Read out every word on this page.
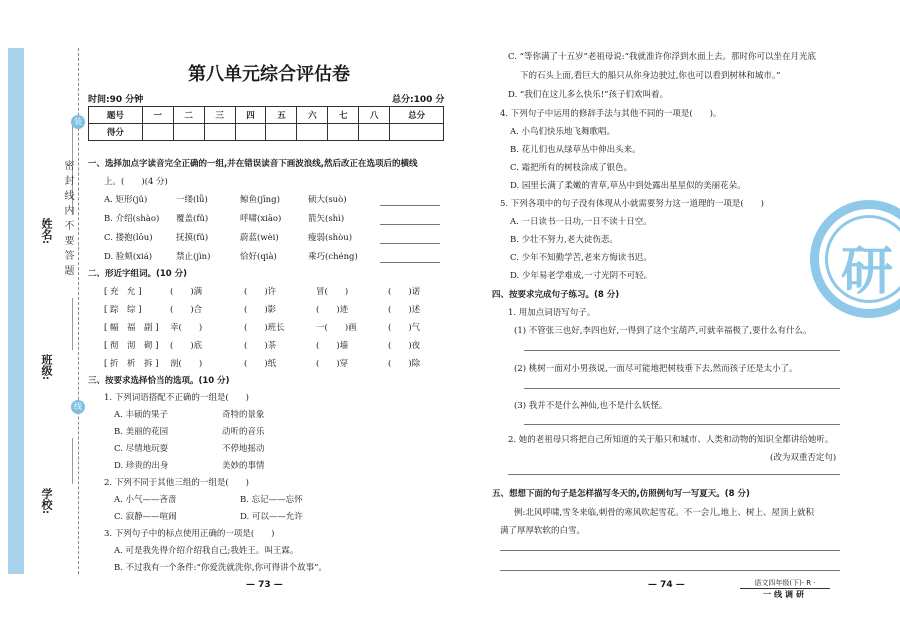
学校:
班级:
姓名:
装
密封线内不要答题
线
第八单元综合评估卷
时间:90 分钟	总分:100 分
题号	一	二	三	四	五	六	七	八	总分
得分									
一、选择加点字读音完全正确的一组,并在错误读音下画波浪线,然后改正在选项后的横线
上。(　　)(4 分)
A. 矩形(jǔ)	一缕(lǚ)	鲸鱼(jīng)	硕大(suò)
B. 介绍(shào) 覆盖(fǔ)	呼啸(xiāo)	箭矢(shì)
C. 搂抱(lōu)	抚摸(fǔ)	蔚蓝(wèi)	瘦弱(shòu)
D. 脸颊(xiá)	禁止(jìn)	恰好(qià)	乘巧(chéng)
二、形近字组词。(10 分)
[ 充　允 ]	(　　)满	(　　)许	冒(　　)	(　　)诺
[ 踪　综 ]	(　　)合	(　　)影	(　　)迹	(　　)述
[ 幅　福　副 ] 幸(　　)	(　　)班长	一(　　)画	(　　)气
[ 彻　沏　砌 ] (　　)底	(　　)茶	(　　)墙	(　　)夜
[ 折　析　拆 ] 剖(　　)	(　　)纸	(　　)穿	(　　)除
三、按要求选择恰当的选项。(10 分)
1. 下列词语搭配不正确的一组是(　　)
A. 丰硕的果子	奇特的景象
B. 美丽的花园	动听的音乐
C. 尽情地玩耍	不停地摇动
D. 珍贵的出身	美妙的事情
2. 下列不同于其他三组的一组是(　　)
A. 小气——吝啬	B. 忘记——忘怀
C. 寂静——喧闹	D. 可以——允许
3. 下列句子中的标点使用正确的一项是(　　)
A. 可是我先得介绍介绍我自己;我姓王。叫王霖。
B. 不过我有一个条件:“你爱洗就洗你,你可得讲个故事”。
— 73 —
C. “等你满了十五岁”老祖母说:“我就准许你浮到水面上去。那时你可以坐在月光底
下的石头上面,看巨大的船只从你身边驶过,你也可以看到树林和城市。”
D. “我们在这儿多么快乐!”孩子们欢叫着。
4. 下列句子中运用的修辞手法与其他不同的一项是(　　)。
A. 小鸟们快乐地飞舞歌唱。
B. 花儿们也从绿草丛中伸出头来。
C. 霜把所有的树枝涂成了银色。
D. 园里长满了柔嫩的青草,草丛中到处露出星星似的美丽花朵。
5. 下列各项中的句子没有体现从小就需要努力这一道理的一项是(　　)
A. 一日读书一日功,一日不读十日空。
B. 少壮不努力,老大徒伤悲。
C. 少年不知勤学苦,老来方悔读书迟。
D. 少年易老学难成,一寸光阴不可轻。
四、按要求完成句子练习。(8 分)
1. 用加点词语写句子。
(1) 不管张三也好,李四也好,一得到了这个宝葫芦,可就幸福极了,要什么有什么。
(2) 桃树一面对小男孩说,一面尽可能地把树枝垂下去,然而孩子还是太小了。
(3) 我并不是什么神仙,也不是什么妖怪。
2. 她的老祖母只将把自己所知道的关于船只和城市、人类和动物的知识全都讲给她听。
(改为双重否定句)
五、想想下面的句子是怎样描写冬天的,仿照例句写一写夏天。(8 分)
例:北风呼啸,雪冬来临,刺骨的寒风吹起雪花。不一会儿,地上、树上、屋顶上就积
满了厚厚软软的白雪。
— 74 —	语文四年级(下)· R ·
一线调研
研
